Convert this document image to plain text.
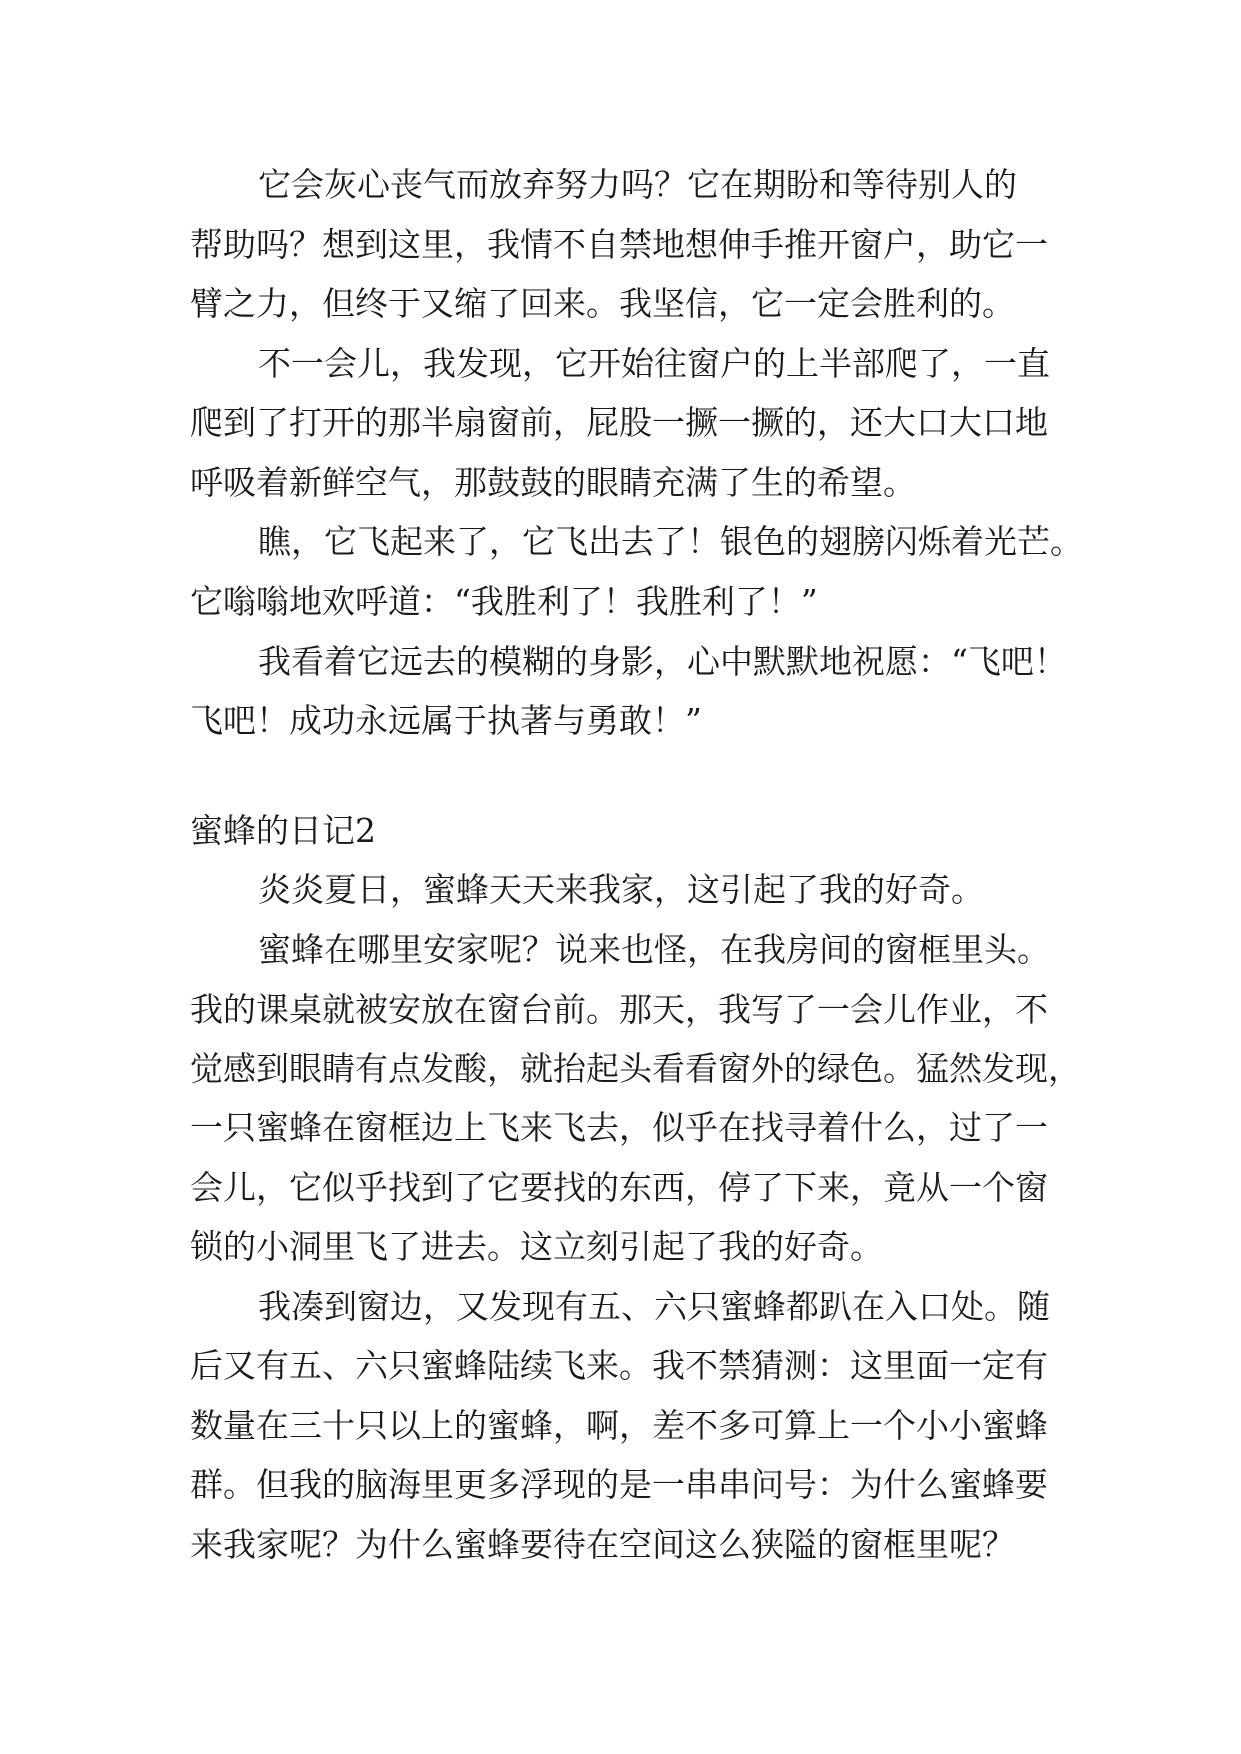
它会灰心丧气而放弃努力吗？它在期盼和等待别人的
帮助吗？想到这里，我情不自禁地想伸手推开窗户，助它一
臂之力，但终于又缩了回来。我坚信，它一定会胜利的。
不一会儿，我发现，它开始往窗户的上半部爬了，一直
爬到了打开的那半扇窗前，屁股一撅一撅的，还大口大口地
呼吸着新鲜空气，那鼓鼓的眼睛充满了生的希望。
瞧，它飞起来了，它飞出去了！银色的翅膀闪烁着光芒。
它嗡嗡地欢呼道：“我胜利了！我胜利了！”
我看着它远去的模糊的身影，心中默默地祝愿：“飞吧！
飞吧！成功永远属于执著与勇敢！”
蜜蜂的日记2
炎炎夏日，蜜蜂天天来我家，这引起了我的好奇。
蜜蜂在哪里安家呢？说来也怪，在我房间的窗框里头。
我的课桌就被安放在窗台前。那天，我写了一会儿作业，不
觉感到眼睛有点发酸，就抬起头看看窗外的绿色。猛然发现，
一只蜜蜂在窗框边上飞来飞去，似乎在找寻着什么，过了一
会儿，它似乎找到了它要找的东西，停了下来，竟从一个窗
锁的小洞里飞了进去。这立刻引起了我的好奇。
我凑到窗边，又发现有五、六只蜜蜂都趴在入口处。随
后又有五、六只蜜蜂陆续飞来。我不禁猜测：这里面一定有
数量在三十只以上的蜜蜂，啊，差不多可算上一个小小蜜蜂
群。但我的脑海里更多浮现的是一串串问号：为什么蜜蜂要
来我家呢？为什么蜜蜂要待在空间这么狭隘的窗框里呢？
